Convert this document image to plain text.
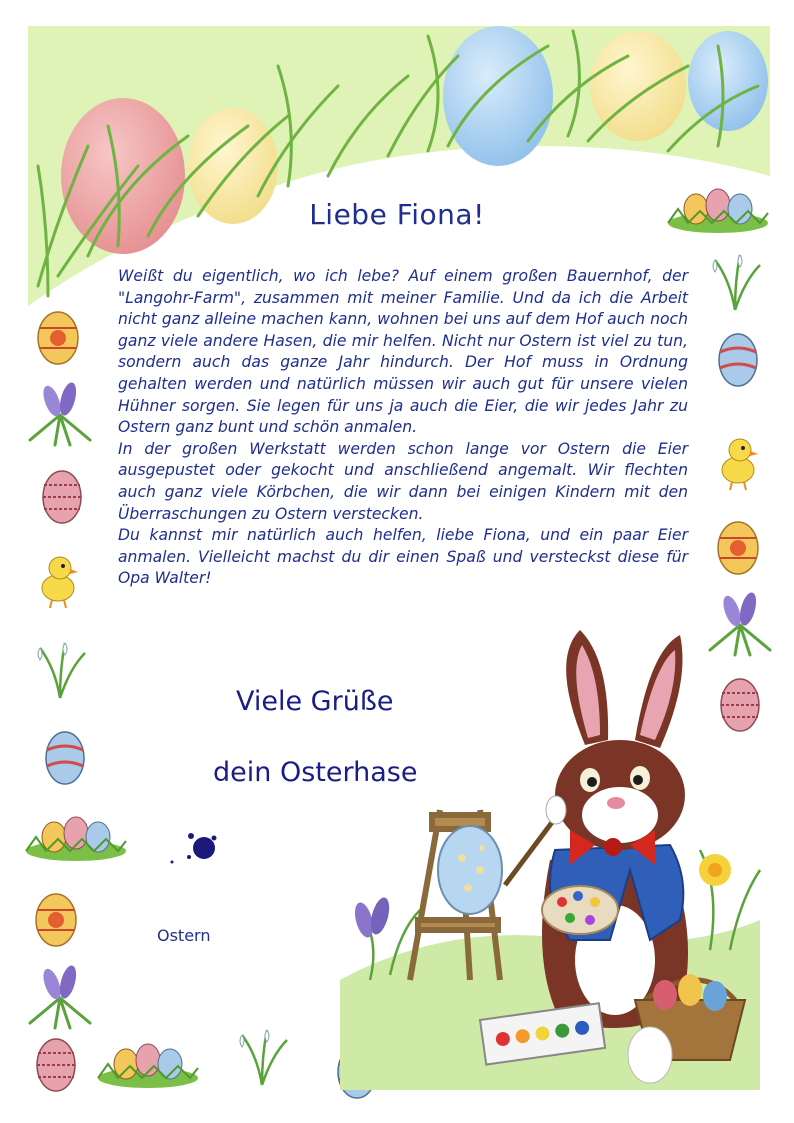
Liebe Fiona!
Weißt du eigentlich, wo ich lebe? Auf einem großen Bauernhof, der "Langohr-Farm", zusammen mit meiner Familie. Und da ich die Arbeit nicht ganz alleine machen kann, wohnen bei uns auf dem Hof auch noch ganz viele andere Hasen, die mir helfen. Nicht nur Ostern ist viel zu tun, sondern auch das ganze Jahr hindurch. Der Hof muss in Ordnung gehalten werden und natürlich müssen wir auch gut für unsere vielen Hühner sorgen. Sie legen für uns ja auch die Eier, die wir jedes Jahr zu Ostern ganz bunt und schön anmalen.
In der großen Werkstatt werden schon lange vor Ostern die Eier ausgepustet oder gekocht und anschließend angemalt. Wir flechten auch ganz viele Körbchen, die wir dann bei einigen Kindern mit den Überraschungen zu Ostern verstecken.
Du kannst mir natürlich auch helfen, liebe Fiona, und ein paar Eier anmalen. Vielleicht machst du dir einen Spaß und versteckst diese für Opa Walter!
Viele Grüße
dein Osterhase
Ostern
